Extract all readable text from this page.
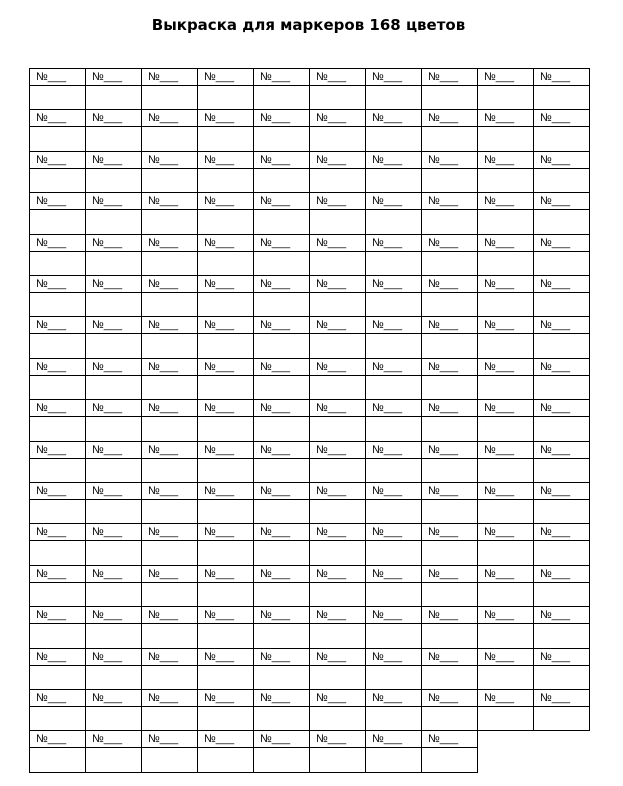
Выкраска для маркеров 168 цветов
№___ №___ №___ №___ №___ №___ №___ №___ №___ №___
№___ №___ №___ №___ №___ №___ №___ №___ №___ №___
№___ №___ №___ №___ №___ №___ №___ №___ №___ №___
№___ №___ №___ №___ №___ №___ №___ №___ №___ №___
№___ №___ №___ №___ №___ №___ №___ №___ №___ №___
№___ №___ №___ №___ №___ №___ №___ №___ №___ №___
№___ №___ №___ №___ №___ №___ №___ №___ №___ №___
№___ №___ №___ №___ №___ №___ №___ №___ №___ №___
№___ №___ №___ №___ №___ №___ №___ №___ №___ №___
№___ №___ №___ №___ №___ №___ №___ №___ №___ №___
№___ №___ №___ №___ №___ №___ №___ №___ №___ №___
№___ №___ №___ №___ №___ №___ №___ №___ №___ №___
№___ №___ №___ №___ №___ №___ №___ №___ №___ №___
№___ №___ №___ №___ №___ №___ №___ №___ №___ №___
№___ №___ №___ №___ №___ №___ №___ №___ №___ №___
№___ №___ №___ №___ №___ №___ №___ №___ №___ №___
№___ №___ №___ №___ №___ №___ №___ №___
